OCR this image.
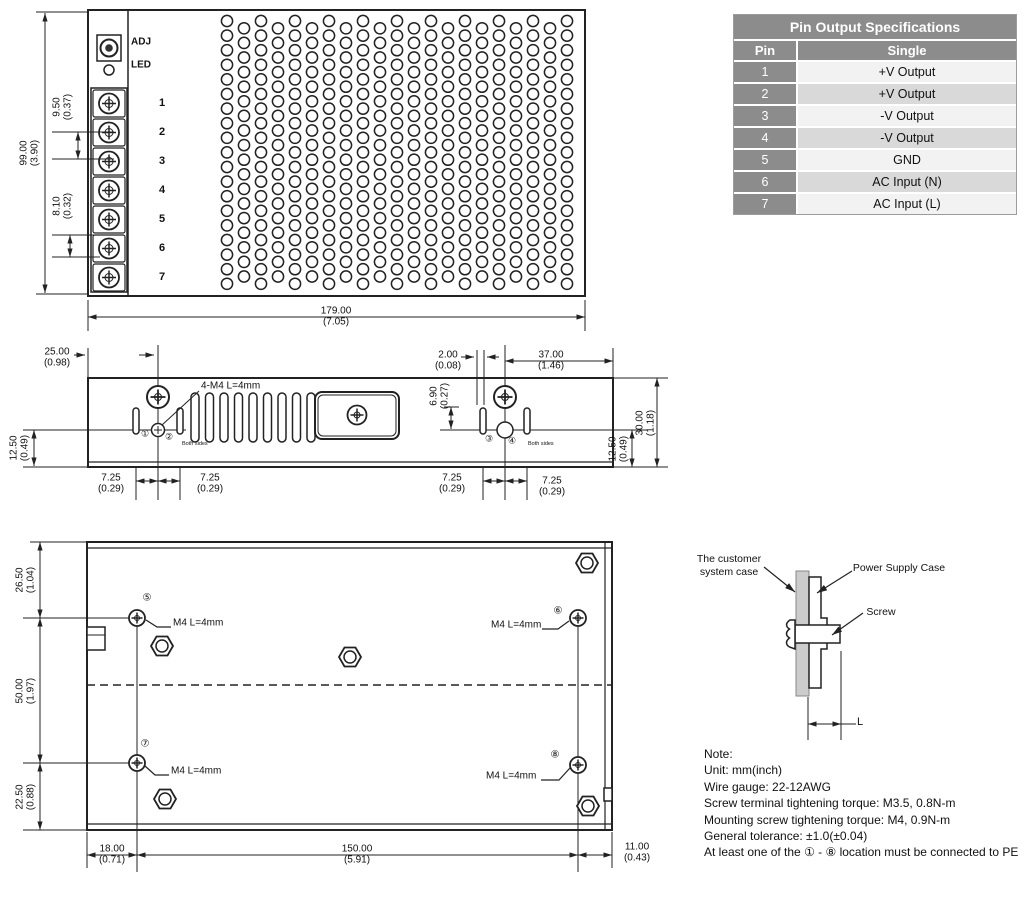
99.00 (3.90)
9.50 (0.37)
8.10 (0.32)
179.00
(7.05)
25.00
(0.98)
2.00
(0.08)
37.00
(1.46)
6.90 (0.27)
12.50 (0.49)
30.00 (1.18)
12.50 (0.49)
7.25
(0.29)
7.25
(0.29)
7.25
(0.29)
7.25
(0.29)
26.50 (1.04)
50.00 (1.97)
22.50 (0.88)
18.00
(0.71)
150.00
(5.91)
11.00
(0.43)
ADJ
LED
4-M4 L=4mm
Both sides	Both sides
① ②	③ ④
⑤
⑥
⑦
⑧
M4 L=4mm	M4 L=4mm
M4 L=4mm	M4 L=4mm
The customer
system case	Power Supply Case
Screw
L
1
2
3
4
5
6
7
Pin Output Specifications
Pin	Single
1	+V Output
2	+V Output
3	-V Output
4	-V Output
5	GND
6	AC Input (N)
7	AC Input (L)
Note:
Unit: mm(inch)
Wire gauge: 22-12AWG
Screw terminal tightening torque: M3.5, 0.8N-m
Mounting screw tightening torque: M4, 0.9N-m
General tolerance: ±1.0(±0.04)
At least one of the ① - ⑧ location must be connected to PE
